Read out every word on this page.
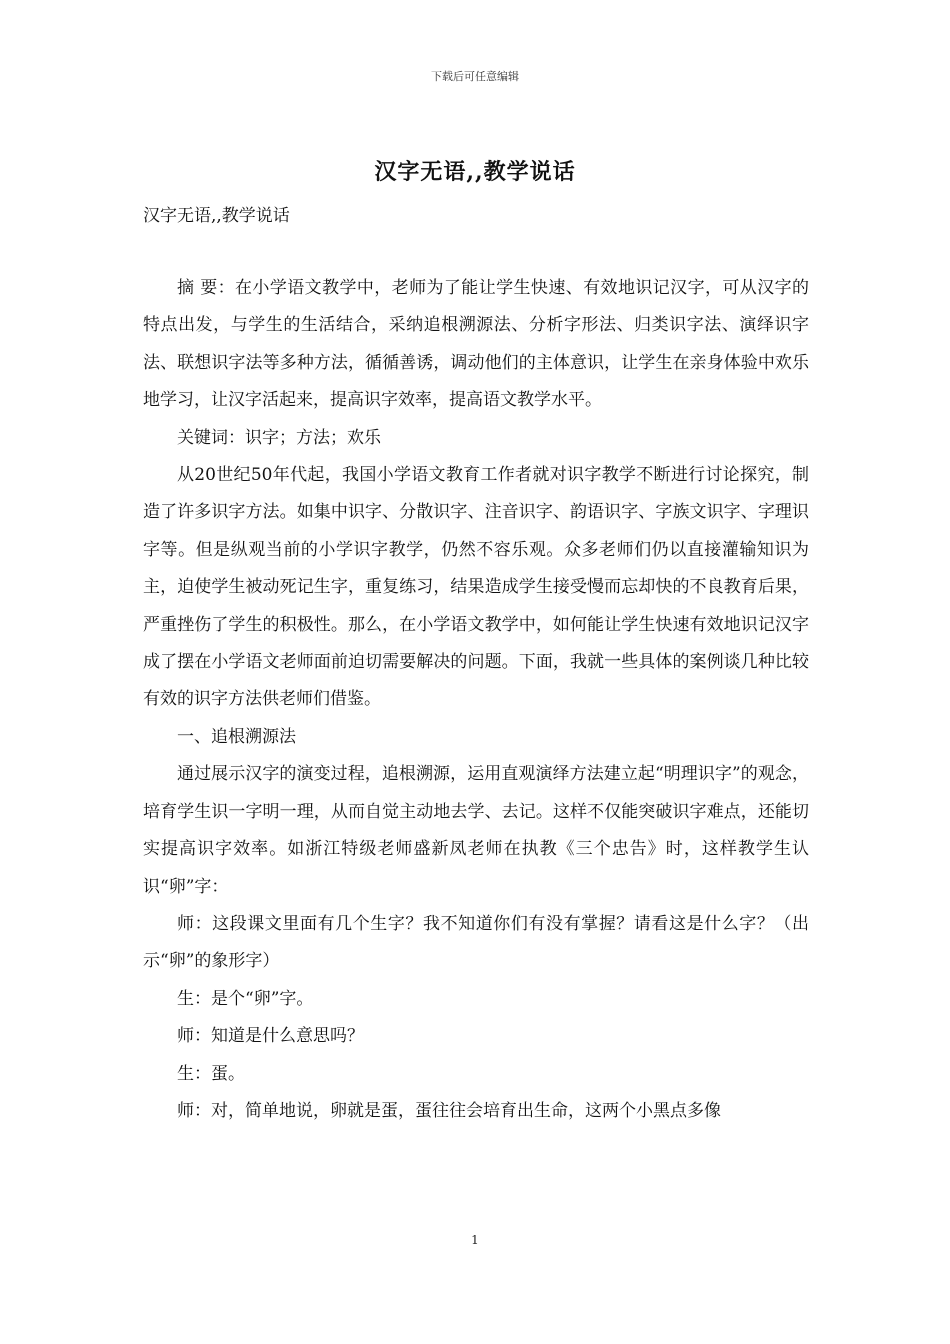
下载后可任意编辑
汉字无语,,教学说话
汉字无语,,教学说话

摘 要：在小学语文教学中，老师为了能让学生快速、有效地识记汉字，可从汉字的特点出发，与学生的生活结合，采纳追根溯源法、分析字形法、归类识字法、演绎识字法、联想识字法等多种方法，循循善诱，调动他们的主体意识，让学生在亲身体验中欢乐地学习，让汉字活起来，提高识字效率，提高语文教学水平。

关键词：识字；方法；欢乐

从20世纪50年代起，我国小学语文教育工作者就对识字教学不断进行讨论探究，制造了许多识字方法。如集中识字、分散识字、注音识字、韵语识字、字族文识字、字理识字等。但是纵观当前的小学识字教学，仍然不容乐观。众多老师们仍以直接灌输知识为主，迫使学生被动死记生字，重复练习，结果造成学生接受慢而忘却快的不良教育后果，严重挫伤了学生的积极性。那么，在小学语文教学中，如何能让学生快速有效地识记汉字成了摆在小学语文老师面前迫切需要解决的问题。下面，我就一些具体的案例谈几种比较有效的识字方法供老师们借鉴。

一、追根溯源法

通过展示汉字的演变过程，追根溯源，运用直观演绎方法建立起“明理识字”的观念，培育学生识一字明一理，从而自觉主动地去学、去记。这样不仅能突破识字难点，还能切实提高识字效率。如浙江特级老师盛新凤老师在执教《三个忠告》时，这样教学生认识“卵”字：

师：这段课文里面有几个生字？我不知道你们有没有掌握？请看这是什么字？（出示“卵”的象形字）

生：是个“卵”字。

师：知道是什么意思吗？

生：蛋。

师：对，简单地说，卵就是蛋，蛋往往会培育出生命，这两个小黑点多像

1
